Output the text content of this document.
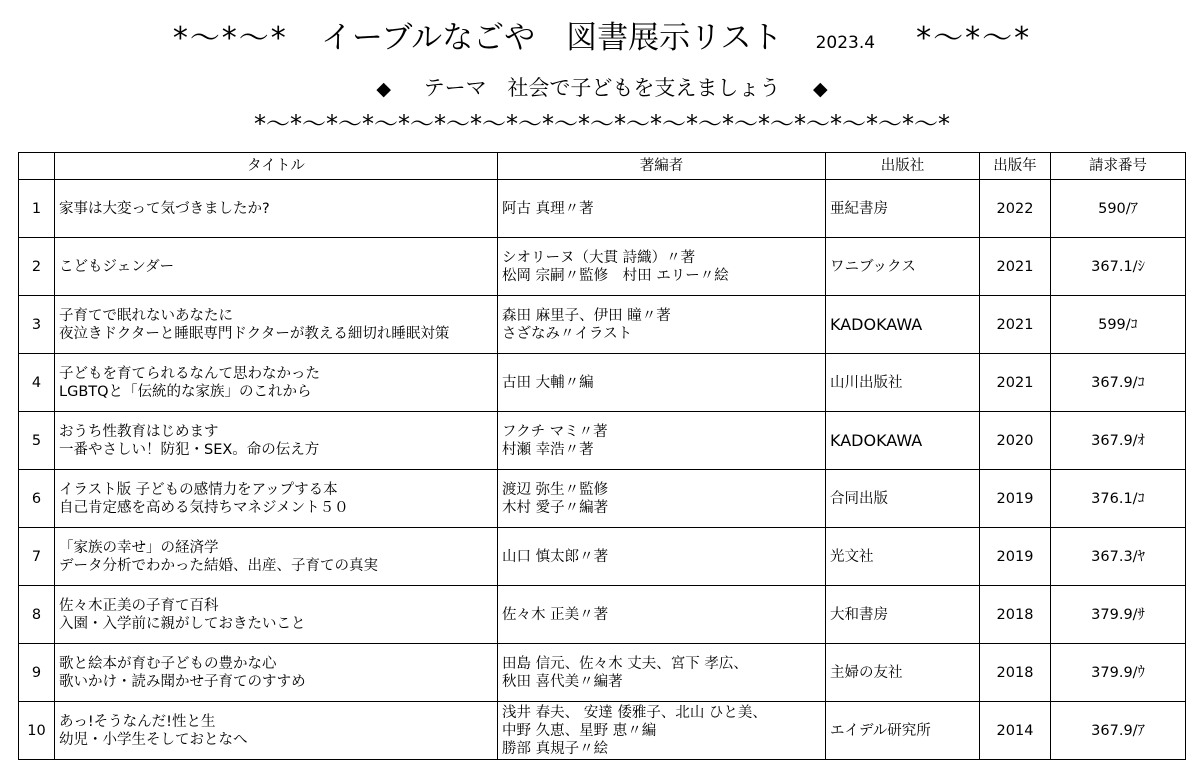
*〜*〜* イーブルなごや　図書展示リスト 2023.4 *〜*〜*
◆ テーマ 社会で子どもを支えましょう ◆
*〜*〜*〜*〜*〜*〜*〜*〜*〜*〜*〜*〜*〜*〜*〜*〜*〜*〜*〜*
	タイトル	著編者	出版社	出版年	請求番号
1	家事は大変って気づきましたか?	阿古 真理〃著	亜紀書房	2022	590/ｱ
2	こどもジェンダー	シオリーヌ（大貫 詩織）〃著
松岡 宗嗣〃監修　村田 エリー〃絵	ワニブックス	2021	367.1/ｼ
3	子育てで眠れないあなたに
夜泣きドクターと睡眠専門ドクターが教える細切れ睡眠対策	森田 麻里子、伊田 瞳〃著
さざなみ〃イラスト	KADOKAWA	2021	599/ｺ
4	子どもを育てられるなんて思わなかった
LGBTQと「伝統的な家族」のこれから	古田 大輔〃編	山川出版社	2021	367.9/ｺ
5	おうち性教育はじめます
一番やさしい！防犯・SEX。命の伝え方	フクチ マミ〃著
村瀬 幸浩〃著	KADOKAWA	2020	367.9/ｵ
6	イラスト版 子どもの感情力をアップする本
自己肯定感を高める気持ちマネジメント５０	渡辺 弥生〃監修
木村 愛子〃編著	合同出版	2019	376.1/ｺ
7	「家族の幸せ」の経済学
データ分析でわかった結婚、出産、子育ての真実	山口 慎太郎〃著	光文社	2019	367.3/ﾔ
8	佐々木正美の子育て百科
入園・入学前に親がしておきたいこと	佐々木 正美〃著	大和書房	2018	379.9/ｻ
9	歌と絵本が育む子どもの豊かな心
歌いかけ・読み聞かせ子育てのすすめ	田島 信元、佐々木 丈夫、宮下 孝広、
秋田 喜代美〃編著	主婦の友社	2018	379.9/ｳ
10	あっ!そうなんだ!性と生
幼児・小学生そしておとなへ	浅井 春夫、 安達 倭雅子、北山 ひと美、
中野 久恵、星野 恵〃編
勝部 真規子〃絵	エイデル研究所	2014	367.9/ｱ
